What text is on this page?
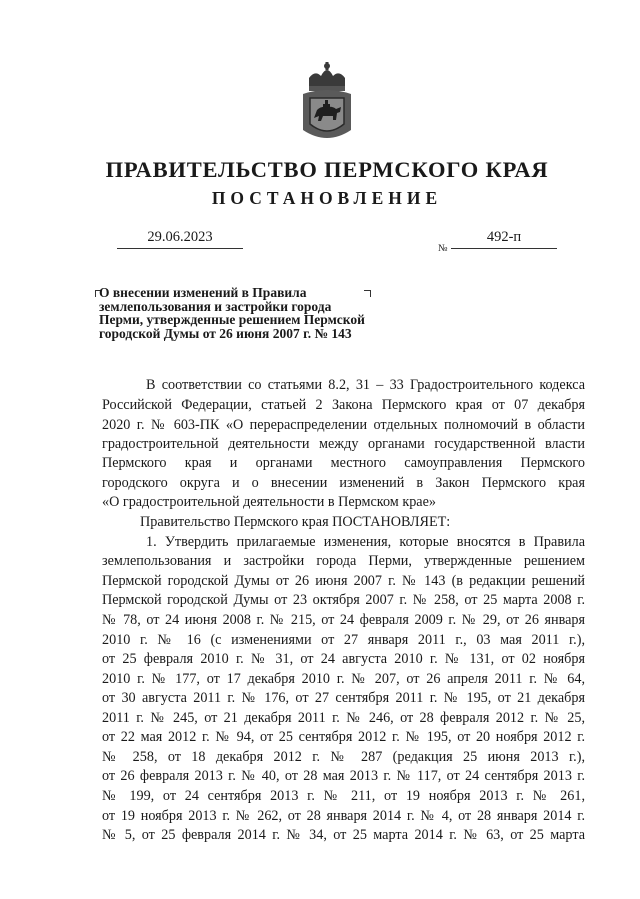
ПРАВИТЕЛЬСТВО ПЕРМСКОГО КРАЯ
ПОСТАНОВЛЕНИЕ
29.06.2023
№
492-п
О внесении изменений в Правила
землепользования и застройки города
Перми, утвержденные решением Пермской
городской Думы от 26 июня 2007 г. № 143
В соответствии со статьями 8.2, 31 – 33 Градостроительного кодекса
Российской Федерации, статьей 2 Закона Пермского края от 07 декабря
2020 г. № 603-ПК «О перераспределении отдельных полномочий в области
градостроительной деятельности между органами государственной власти
Пермского края и органами местного самоуправления Пермского
городского округа и о внесении изменений в Закон Пермского края
«О градостроительной деятельности в Пермском крае»
Правительство Пермского края ПОСТАНОВЛЯЕТ:
1. Утвердить прилагаемые изменения, которые вносятся в Правила
землепользования и застройки города Перми, утвержденные решением
Пермской городской Думы от 26 июня 2007 г. № 143 (в редакции решений
Пермской городской Думы от 23 октября 2007 г. № 258, от 25 марта 2008 г.
№ 78, от 24 июня 2008 г. № 215, от 24 февраля 2009 г. № 29, от 26 января
2010 г. № 16 (с изменениями от 27 января 2011 г., 03 мая 2011 г.),
от 25 февраля 2010 г. № 31, от 24 августа 2010 г. № 131, от 02 ноября
2010 г. № 177, от 17 декабря 2010 г. № 207, от 26 апреля 2011 г. № 64,
от 30 августа 2011 г. № 176, от 27 сентября 2011 г. № 195, от 21 декабря
2011 г. № 245, от 21 декабря 2011 г. № 246, от 28 февраля 2012 г. № 25,
от 22 мая 2012 г. № 94, от 25 сентября 2012 г. № 195, от 20 ноября 2012 г.
№ 258, от 18 декабря 2012 г. № 287 (редакция 25 июня 2013 г.),
от 26 февраля 2013 г. № 40, от 28 мая 2013 г. № 117, от 24 сентября 2013 г.
№ 199, от 24 сентября 2013 г. № 211, от 19 ноября 2013 г. № 261,
от 19 ноября 2013 г. № 262, от 28 января 2014 г. № 4, от 28 января 2014 г.
№ 5, от 25 февраля 2014 г. № 34, от 25 марта 2014 г. № 63, от 25 марта
